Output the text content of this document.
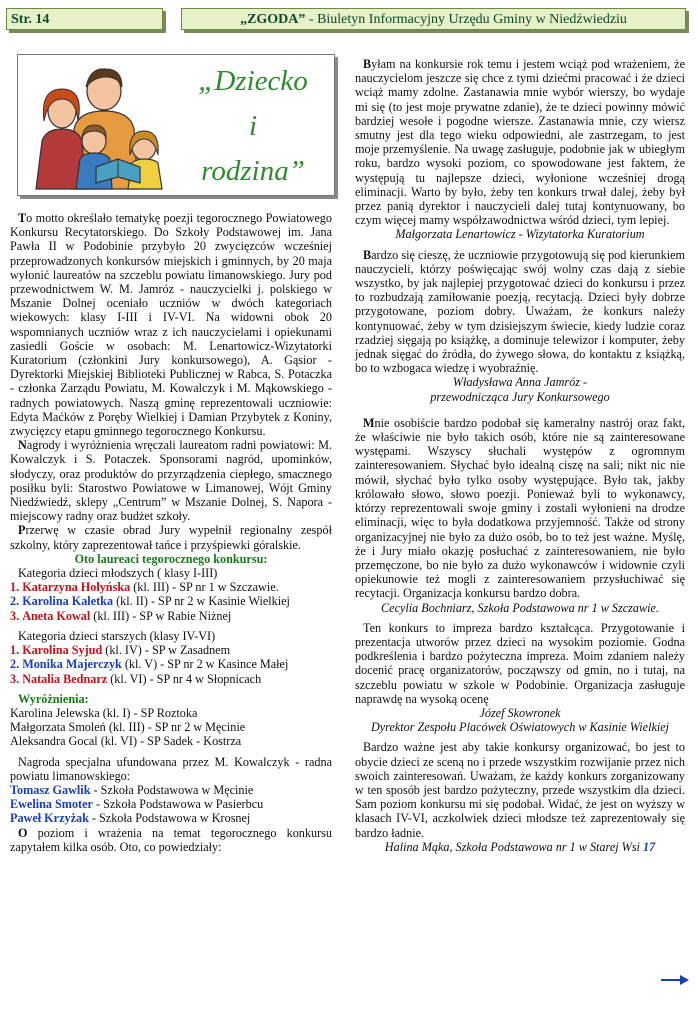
Str. 14	„ZGODA” - Biuletyn Informacyjny Urzędu Gminy w Niedźwiedziu
„Dziecko
i
rodzina”

To motto określało tematykę poezji tegorocznego Powiatowego Konkursu Recytatorskiego. Do Szkoły Podstawowej im. Jana Pawła II w Podobinie przybyło 20 zwycięzców wcześniej przeprowadzonych konkursów miejskich i gminnych, by 20 maja wyłonić laureatów na szczeblu powiatu limanowskiego. Jury pod przewodnictwem W. M. Jamróz - nauczycielki j. polskiego w Mszanie Dolnej oceniało uczniów w dwóch kategoriach wiekowych: klasy I-III i IV-VI. Na widowni obok 20 wspomnianych uczniów wraz z ich nauczycielami i opiekunami zasiedli Goście w osobach: M. Lenartowicz-Wizytatorki Kuratorium (członkini Jury konkursowego), A. Gąsior - Dyrektorki Miejskiej Biblioteki Publicznej w Rabca, S. Potaczka - członka Zarządu Powiatu, M. Kowalczyk i M. Mąkowskiego - radnych powiatowych. Naszą gminę reprezentowali uczniowie: Edyta Maćków z Poręby Wielkiej i Damian Przybytek z Koniny, zwycięzcy etapu gminnego tegorocznego Konkursu.

Nagrody i wyróżnienia wręczali laureatom radni powiatowi: M. Kowalczyk i S. Potaczek. Sponsorami nagród, upominków, słodyczy, oraz produktów do przyrządzenia ciepłego, smacznego posiłku byli: Starostwo Powiatowe w Limanowej, Wójt Gminy Niedźwiedź, sklepy „Centrum” w Mszanie Dolnej, S. Napora - miejscowy radny oraz budżet szkoły.

Przerwę w czasie obrad Jury wypełnił regionalny zespół szkolny, który zaprezentował tańce i przyśpiewki góralskie.

Oto laureaci tegorocznego konkursu:

Kategoria dzieci młodszych ( klasy I-III)

1. Katarzyna Hołyńska (kl. III) - SP nr 1 w Szczawie.

2. Karolina Kaletka (kl. II) - SP nr 2 w Kasinie Wielkiej

3. Aneta Kowal (kl. III) - SP w Rabie Niżnej

Kategoria dzieci starszych (klasy IV-VI)

1. Karolina Syjud (kl. IV) - SP w Zasadnem

2. Monika Majerczyk (kl. V) - SP nr 2 w Kasince Małej

3. Natalia Bednarz (kl. VI) - SP nr 4 w Słopnicach

Wyróżnienia:

Karolina Jelewska (kl. I) - SP Roztoka

Małgorzata Smoleń (kl. III) - SP nr 2 w Męcinie

Aleksandra Gocal (kl. VI) - SP Sadek - Kostrza

Nagroda specjalna ufundowana przez M. Kowalczyk - radna powiatu limanowskiego:

Tomasz Gawlik - Szkoła Podstawowa w Męcinie

Ewelina Smoter - Szkoła Podstawowa w Pasierbcu

Paweł Krzyżak - Szkoła Podstawowa w Krosnej

O poziom i wrażenia na temat tegorocznego konkursu zapytałem kilka osób. Oto, co powiedziały:

Byłam na konkursie rok temu i jestem wciąż pod wrażeniem, że nauczycielom jeszcze się chce z tymi dziećmi pracować i że dzieci wciąż mamy zdolne. Zastanawia mnie wybór wierszy, bo wydaje mi się (to jest moje prywatne zdanie), że te dzieci powinny mówić bardziej wesołe i pogodne wiersze. Zastanawia mnie, czy wiersz smutny jest dla tego wieku odpowiedni, ale zastrzegam, to jest moje przemyślenie. Na uwagę zasługuje, podobnie jak w ubiegłym roku, bardzo wysoki poziom, co spowodowane jest faktem, że występują tu najlepsze dzieci, wyłonione wcześniej drogą eliminacji. Warto by było, żeby ten konkurs trwał dalej, żeby był przez panią dyrektor i nauczycieli dalej tutaj kontynuowany, bo czym więcej mamy współzawodnictwa wśród dzieci, tym lepiej.

Małgorzata Lenartowicz - Wizytatorka Kuratorium

Bardzo się cieszę, że uczniowie przygotowują się pod kierunkiem nauczycieli, którzy poświęcając swój wolny czas dają z siebie wszystko, by jak najlepiej przygotować dzieci do konkursu i przez to rozbudzają zamiłowanie poezją, recytacją. Dzieci były dobrze przygotowane, poziom dobry. Uważam, że konkurs należy kontynuować, żeby w tym dzisiejszym świecie, kiedy ludzie coraz rzadziej sięgają po książkę, a dominuje telewizor i komputer, żeby jednak sięgać do źródła, do żywego słowa, do kontaktu z książką, bo to wzbogaca wiedzę i wyobraźnię.

Władysława Anna Jamróz -

przewodnicząca Jury Konkursowego

Mnie osobiście bardzo podobał się kameralny nastrój oraz fakt, że właściwie nie było takich osób, które nie są zainteresowane występami. Wszyscy słuchali występów z ogromnym zainteresowaniem. Słychać było idealną ciszę na sali; nikt nic nie mówił, słychać było tylko osoby występujące. Było tak, jakby królowało słowo, słowo poezji. Ponieważ byli to wykonawcy, którzy reprezentowali swoje gminy i zostali wyłonieni na drodze eliminacji, więc to była dodatkowa przyjemność. Także od strony organizacyjnej nie było za dużo osób, bo to też jest ważne. Myślę, że i Jury miało okazję posłuchać z zainteresowaniem, nie było przemęczone, bo nie było za dużo wykonawców i widownie czyli opiekunowie też mogli z zainteresowaniem przysłuchiwać się recytacji. Organizacja konkursu bardzo dobra.

Cecylia Bochniarz, Szkoła Podstawowa nr 1 w Szczawie.

Ten konkurs to impreza bardzo kształcąca. Przygotowanie i prezentacja utworów przez dzieci na wysokim poziomie. Godna podkreślenia i bardzo pożyteczna impreza. Moim zdaniem należy docenić pracę organizatorów, począwszy od gmin, no i tutaj, na szczeblu powiatu w szkole w Podobinie. Organizacja zasługuje naprawdę na wysoką ocenę

Józef Skowronek

Dyrektor Zespołu Placówek Oświatowych w Kasinie Wielkiej

Bardzo ważne jest aby takie konkursy organizować, bo jest to obycie dzieci ze sceną no i przede wszystkim rozwijanie przez nich swoich zainteresowań. Uważam, że każdy konkurs zorganizowany w ten sposób jest bardzo pożyteczny, przede wszystkim dla dzieci. Sam poziom konkursu mi się podobał. Widać, że jest on wyższy w klasach IV-VI, aczkolwiek dzieci młodsze też zaprezentowały się bardzo ładnie.

Halina Mąka, Szkoła Podstawowa nr 1 w Starej Wsi 17
